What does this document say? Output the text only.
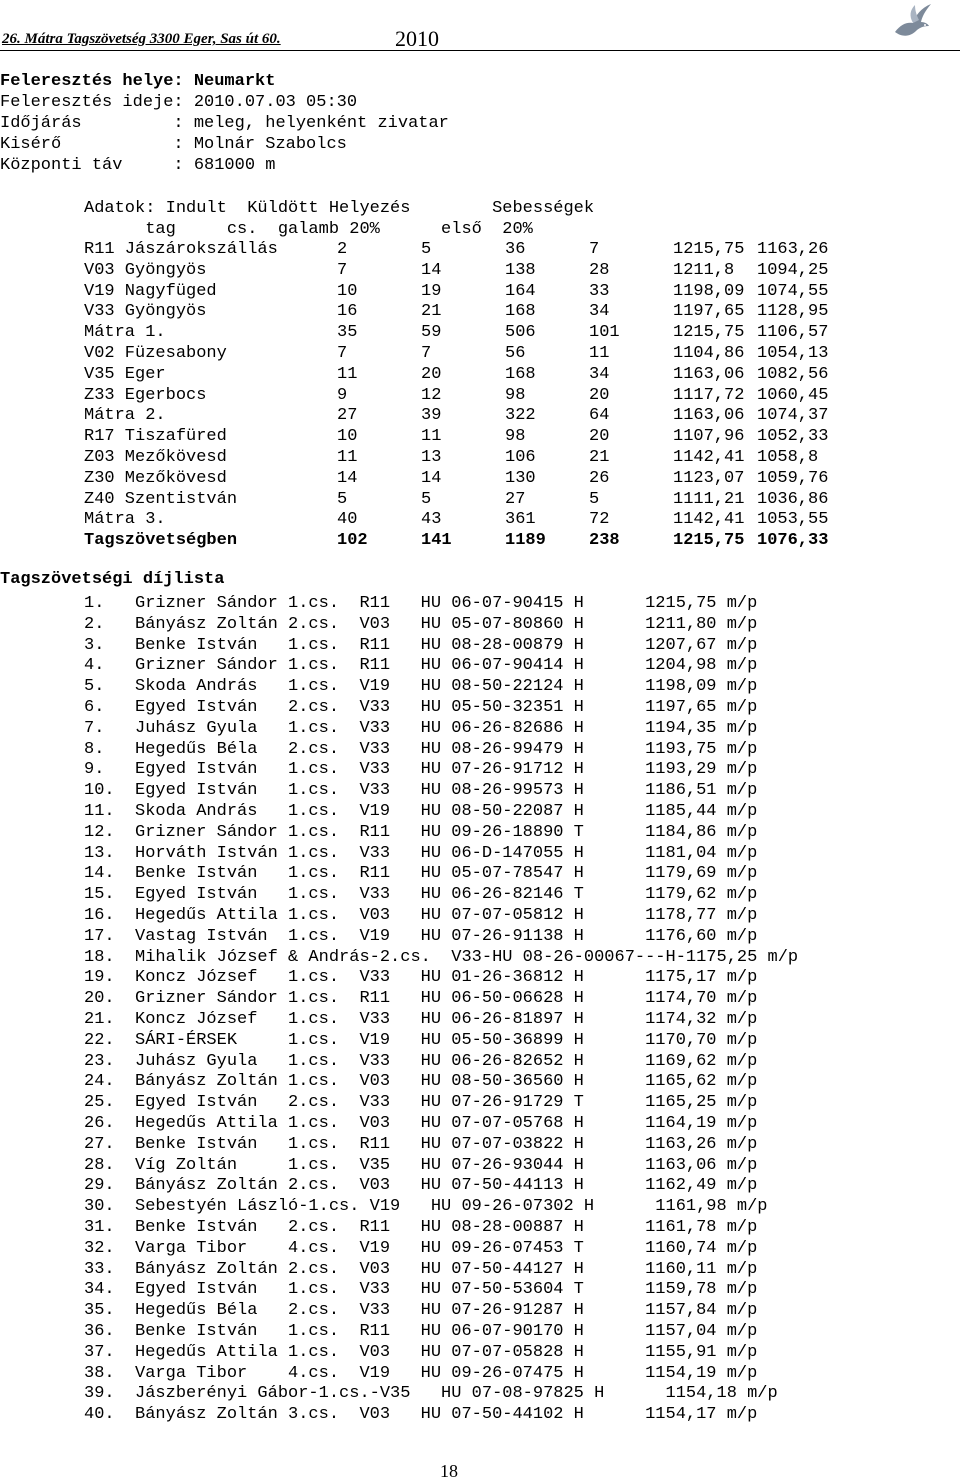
26. Mátra Tagszövetség 3300 Eger, Sas út 60.	2010
Feleresztés helye: Neumarkt
Feleresztés ideje: 2010.07.03 05:30
Időjárás         : meleg, helyenként zivatar
Kisérő           : Molnár Szabolcs
Központi táv     : 681000 m
Adatok: Indult  Küldött Helyezés        Sebességek
tag     cs.  galamb 20%      első  20%
R11 Jászárokszállás	2	5	36	7	1215,75 1163,26
V03 Gyöngyös	7	14	138	28	1211,8 1094,25
V19 Nagyfüged	10	19	164	33	1198,09 1074,55
V33 Gyöngyös	16	21	168	34	1197,65 1128,95
Mátra 1.	35	59	506	101	1215,75 1106,57
V02 Füzesabony	7	7	56	11	1104,86 1054,13
V35 Eger	11	20	168	34	1163,06 1082,56
Z33 Egerbocs	9	12	98	20	1117,72 1060,45
Mátra 2.	27	39	322	64	1163,06 1074,37
R17 Tiszafüred	10	11	98	20	1107,96 1052,33
Z03 Mezőkövesd	11	13	106	21	1142,41 1058,8
Z30 Mezőkövesd	14	14	130	26	1123,07 1059,76
Z40 Szentistván	5	5	27	5	1111,21 1036,86
Mátra 3.	40	43	361	72	1142,41 1053,55
Tagszövetségben	102	141	1189	238	1215,75 1076,33
Tagszövetségi díjlista
1.   Grizner Sándor 1.cs.  R11   HU 06-07-90415 H      1215,75 m/p
2.   Bányász Zoltán 2.cs.  V03   HU 05-07-80860 H      1211,80 m/p
3.   Benke István   1.cs.  R11   HU 08-28-00879 H      1207,67 m/p
4.   Grizner Sándor 1.cs.  R11   HU 06-07-90414 H      1204,98 m/p
5.   Skoda András   1.cs.  V19   HU 08-50-22124 H      1198,09 m/p
6.   Egyed István   2.cs.  V33   HU 05-50-32351 H      1197,65 m/p
7.   Juhász Gyula   1.cs.  V33   HU 06-26-82686 H      1194,35 m/p
8.   Hegedűs Béla   2.cs.  V33   HU 08-26-99479 H      1193,75 m/p
9.   Egyed István   1.cs.  V33   HU 07-26-91712 H      1193,29 m/p
10.  Egyed István   1.cs.  V33   HU 08-26-99573 H      1186,51 m/p
11.  Skoda András   1.cs.  V19   HU 08-50-22087 H      1185,44 m/p
12.  Grizner Sándor 1.cs.  R11   HU 09-26-18890 T      1184,86 m/p
13.  Horváth István 1.cs.  V33   HU 06-D-147055 H      1181,04 m/p
14.  Benke István   1.cs.  R11   HU 05-07-78547 H      1179,69 m/p
15.  Egyed István   1.cs.  V33   HU 06-26-82146 T      1179,62 m/p
16.  Hegedűs Attila 1.cs.  V03   HU 07-07-05812 H      1178,77 m/p
17.  Vastag István  1.cs.  V19   HU 07-26-91138 H      1176,60 m/p
18.  Mihalik József & András-2.cs.  V33-HU 08-26-00067---H-1175,25 m/p
19.  Koncz József   1.cs.  V33   HU 01-26-36812 H      1175,17 m/p
20.  Grizner Sándor 1.cs.  R11   HU 06-50-06628 H      1174,70 m/p
21.  Koncz József   1.cs.  V33   HU 06-26-81897 H      1174,32 m/p
22.  SÁRI-ÉRSEK     1.cs.  V19   HU 05-50-36899 H      1170,70 m/p
23.  Juhász Gyula   1.cs.  V33   HU 06-26-82652 H      1169,62 m/p
24.  Bányász Zoltán 1.cs.  V03   HU 08-50-36560 H      1165,62 m/p
25.  Egyed István   2.cs.  V33   HU 07-26-91729 T      1165,25 m/p
26.  Hegedűs Attila 1.cs.  V03   HU 07-07-05768 H      1164,19 m/p
27.  Benke István   1.cs.  R11   HU 07-07-03822 H      1163,26 m/p
28.  Víg Zoltán     1.cs.  V35   HU 07-26-93044 H      1163,06 m/p
29.  Bányász Zoltán 2.cs.  V03   HU 07-50-44113 H      1162,49 m/p
30.  Sebestyén László-1.cs. V19   HU 09-26-07302 H      1161,98 m/p
31.  Benke István   2.cs.  R11   HU 08-28-00887 H      1161,78 m/p
32.  Varga Tibor    4.cs.  V19   HU 09-26-07453 T      1160,74 m/p
33.  Bányász Zoltán 2.cs.  V03   HU 07-50-44127 H      1160,11 m/p
34.  Egyed István   1.cs.  V33   HU 07-50-53604 T      1159,78 m/p
35.  Hegedűs Béla   2.cs.  V33   HU 07-26-91287 H      1157,84 m/p
36.  Benke István   1.cs.  R11   HU 06-07-90170 H      1157,04 m/p
37.  Hegedűs Attila 1.cs.  V03   HU 07-07-05828 H      1155,91 m/p
38.  Varga Tibor    4.cs.  V19   HU 09-26-07475 H      1154,19 m/p
39.  Jászberényi Gábor-1.cs.-V35   HU 07-08-97825 H      1154,18 m/p
40.  Bányász Zoltán 3.cs.  V03   HU 07-50-44102 H      1154,17 m/p
18
